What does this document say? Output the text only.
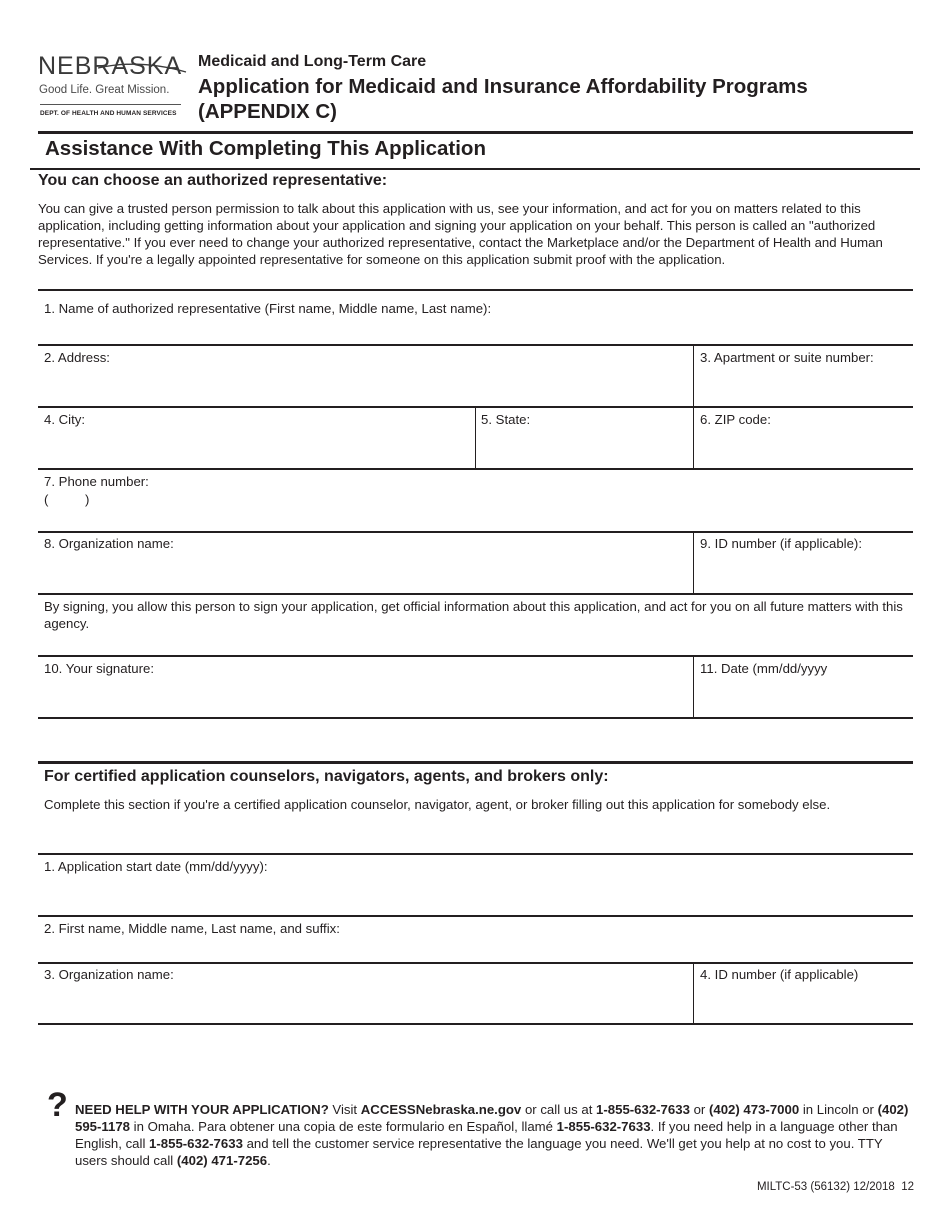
NEBRASKA
Good Life. Great Mission.
DEPT. OF HEALTH AND HUMAN SERVICES
Medicaid and Long-Term Care
Application for Medicaid and Insurance Affordability Programs
(APPENDIX C)
Assistance With Completing This Application
You can choose an authorized representative:
You can give a trusted person permission to talk about this application with us, see your information, and act for you on matters related to this application, including getting information about your application and signing your application on your behalf. This person is called an "authorized representative." If you ever need to change your authorized representative, contact the Marketplace and/or the Department of Health and Human Services. If you're a legally appointed representative for someone on this application submit proof with the application.
1. Name of authorized representative (First name, Middle name, Last name):
2. Address:	3. Apartment or suite number:
4. City:	5. State:	6. ZIP code:
7. Phone number:
(          )
8. Organization name:	9. ID number (if applicable):
By signing, you allow this person to sign your application, get official information about this application, and act for you on all future matters with this agency.
10. Your signature:	11. Date (mm/dd/yyyy
For certified application counselors, navigators, agents, and brokers only:
Complete this section if you're a certified application counselor, navigator, agent, or broker filling out this application for somebody else.
1. Application start date (mm/dd/yyyy):
2. First name, Middle name, Last name, and suffix:
3. Organization name:	4. ID number (if applicable)
? NEED HELP WITH YOUR APPLICATION? Visit ACCESSNebraska.ne.gov or call us at 1-855-632-7633 or (402) 473-7000 in Lincoln or (402) 595-1178 in Omaha. Para obtener una copia de este formulario en Español, llamé 1-855-632-7633. If you need help in a language other than English, call 1-855-632-7633 and tell the customer service representative the language you need. We'll get you help at no cost to you. TTY users should call (402) 471-7256.
MILTC-53 (56132) 12/2018 12
